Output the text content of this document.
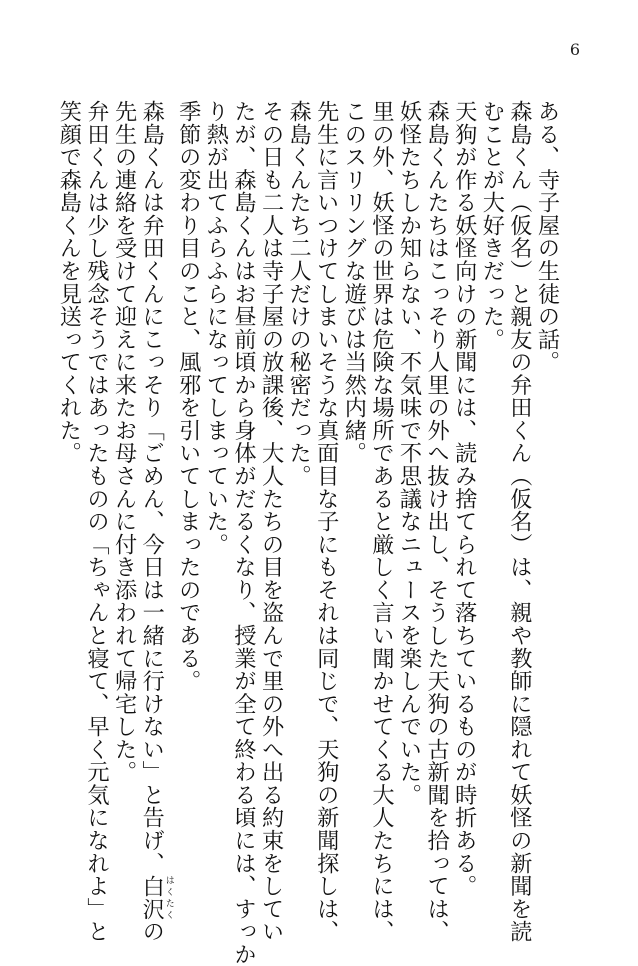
6
ある、寺子屋の生徒の話。
森島くん（仮名）と親友の弁田くん（仮名）は、親や教師に隠れて妖怪の新聞を読
むことが大好きだった。
天狗が作る妖怪向けの新聞には、読み捨てられて落ちているものが時折ある。
森島くんたちはこっそり人里の外へ抜け出し、そうした天狗の古新聞を拾っては、
妖怪たちしか知らない、不気味で不思議なニュースを楽しんでいた。
里の外、妖怪の世界は危険な場所であると厳しく言い聞かせてくる大人たちには、
このスリリングな遊びは当然内緒。
先生に言いつけてしまいそうな真面目な子にもそれは同じで、天狗の新聞探しは、
森島くんたち二人だけの秘密だった。
その日も二人は寺子屋の放課後、大人たちの目を盗んで里の外へ出る約束をしてい
たが、森島くんはお昼前頃から身体がだるくなり、授業が全て終わる頃には、すっか
り熱が出てふらふらになってしまっていた。
季節の変わり目のこと、風邪を引いてしまったのである。
森島くんは弁田くんにこっそり「ごめん、今日は一緒に行けない」と告げ、白沢 はくたくの
先生の連絡を受けて迎えに来たお母さんに付き添われて帰宅した。
弁田くんは少し残念そうではあったものの「ちゃんと寝て、早く元気になれよ」と
笑顔で森島くんを見送ってくれた。
